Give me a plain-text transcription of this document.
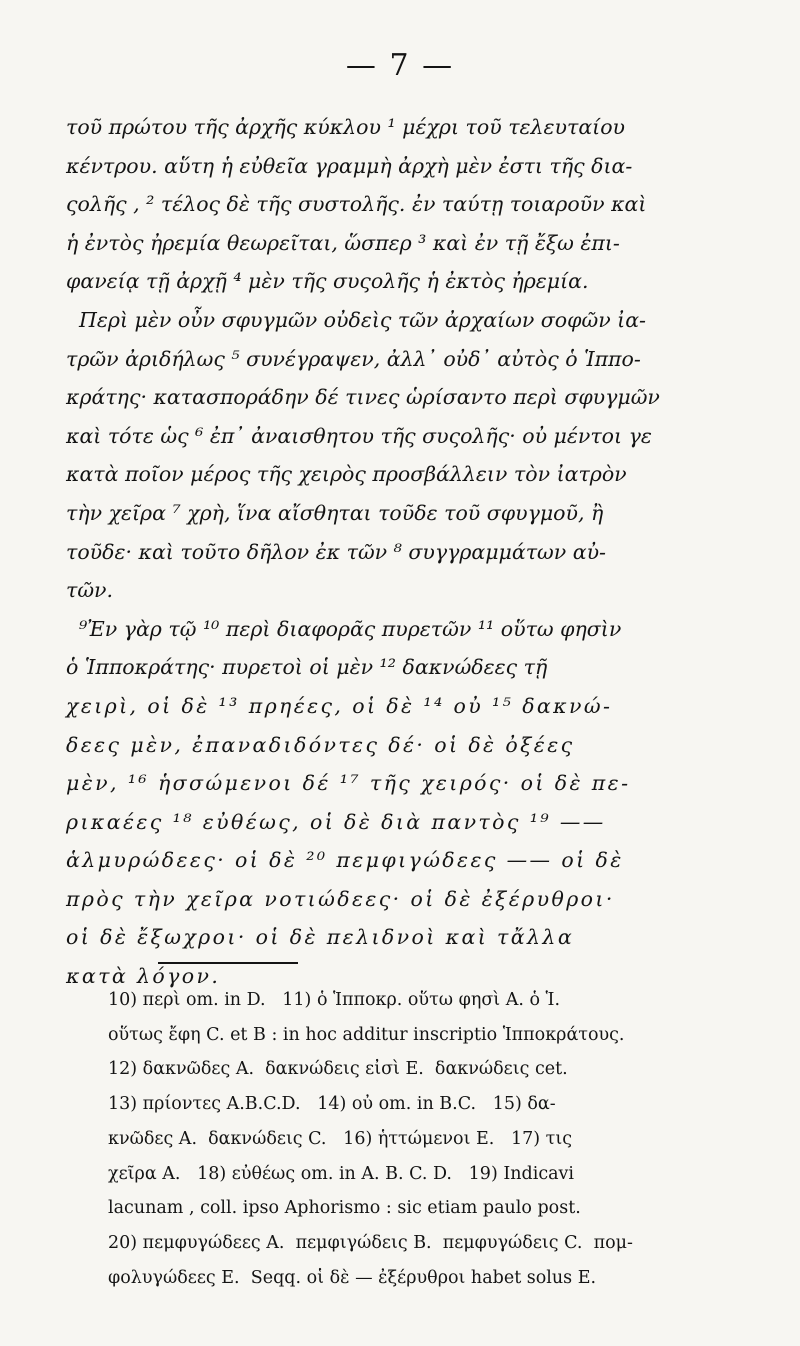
— 7 —
τοῦ πρώτου τῆς ἀρχῆς κύκλου ¹ μέχρι τοῦ τελευταίου
κέντρου. αὕτη ἡ εὐθεῖα γραμμὴ ἀρχὴ μὲν ἐστι τῆς δια-
ςολῆς , ² τέλος δὲ τῆς συστολῆς. ἐν ταύτῃ τοιαροῦν καὶ
ἡ ἐντὸς ἠρεμία θεωρεῖται, ὥσπερ ³ καὶ ἐν τῇ ἔξω ἐπι-
φανείᾳ τῇ ἀρχῇ ⁴ μὲν τῆς συςολῆς ἡ ἐκτὸς ἠρεμία.
Περὶ μὲν οὖν σφυγμῶν οὐδεὶς τῶν ἀρχαίων σοφῶν ἰα-
τρῶν ἀριδήλως ⁵ συνέγραψεν, ἀλλ᾽ οὐδ᾽ αὐτὸς ὁ Ἱππο-
κράτης· κατασποράδην δέ τινες ὡρίσαντο περὶ σφυγμῶν
καὶ τότε ὡς ⁶ ἐπ᾽ ἀναισθητου τῆς συςολῆς· οὐ μέντοι γε
κατὰ ποῖον μέρος τῆς χειρὸς προσβάλλειν τὸν ἰατρὸν
τὴν χεῖρα ⁷ χρὴ, ἵνα αἴσθηται τοῦδε τοῦ σφυγμοῦ, ἢ
τοῦδε· καὶ τοῦτο δῆλον ἐκ τῶν ⁸ συγγραμμάτων αὐ-
τῶν.
⁹Ἐν γὰρ τῷ ¹⁰ περὶ διαφορᾶς πυρετῶν ¹¹ οὕτω φησὶν
ὁ Ἱπποκράτης· πυρετοὶ οἱ μὲν ¹² δακνώδεες τῇ
χειρὶ, οἱ δὲ ¹³ πρηέες, οἱ δὲ ¹⁴ οὐ ¹⁵ δακνώ-
δεες μὲν, ἐπαναδιδόντες δέ· οἱ δὲ ὀξέες
μὲν, ¹⁶ ἡσσώμενοι δέ ¹⁷ τῆς χειρός· οἱ δὲ πε-
ρικαέες ¹⁸ εὐθέως, οἱ δὲ διὰ παντὸς ¹⁹ ——
ἁλμυρώδεες· οἱ δὲ ²⁰ πεμφιγώδεες —— οἱ δὲ
πρὸς τὴν χεῖρα νοτιώδεες· οἱ δὲ ἐξέρυθροι·
οἱ δὲ ἔξωχροι· οἱ δὲ πελιδνοὶ καὶ τἄλλα
κατὰ λόγον.
10) περὶ om. in D.   11) ὁ Ἱπποκρ. οὕτω φησὶ A. ὁ Ἱ.
οὕτως ἔφη C. et B : in hoc additur inscriptio Ἱπποκράτους.
12) δακνῶδες A.  δακνώδεις εἰσὶ E.  δακνώδεις cet.
13) πρίοντες A.B.C.D.   14) οὐ om. in B.C.   15) δα-
κνῶδες A.  δακνώδεις C.   16) ἡττώμενοι E.   17) τις
χεῖρα A.   18) εὐθέως om. in A. B. C. D.   19) Indicavi
lacunam , coll. ipso Aphorismo : sic etiam paulo post.
20) πεμφυγώδεες A.  πεμφιγώδεις B.  πεμφυγώδεις C.  πομ-
φολυγώδεες E.  Seqq. οἱ δὲ — ἐξέρυθροι habet solus E.
